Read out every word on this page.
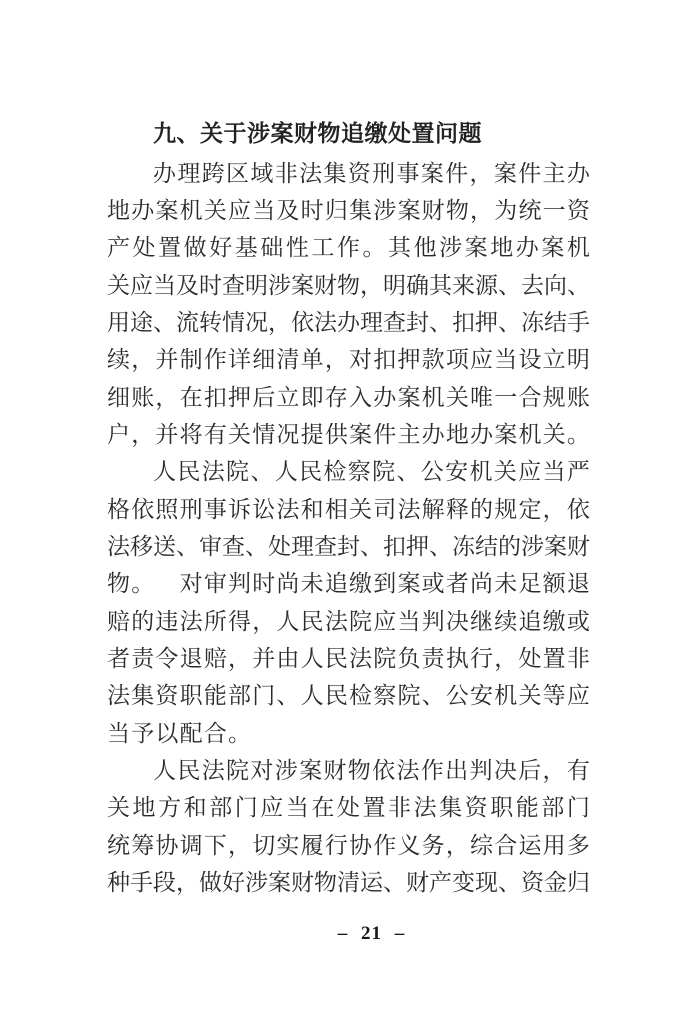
九、关于涉案财物追缴处置问题
办 理 跨 区 域 非 法 集 资 刑 事 案 件 ， 案 件 主 办
地 办 案 机 关 应 当 及 时 归 集 涉 案 财 物 ， 为 统 一 资
产 处 置 做 好 基 础 性 工 作 。 其 他 涉 案 地 办 案 机
关 应 当 及 时 查 明 涉 案 财 物 ， 明 确 其 来 源 、 去 向 、
用 途 、 流 转 情 况 ， 依 法 办 理 查 封 、 扣 押 、 冻 结 手
续 ， 并 制 作 详 细 清 单 ， 对 扣 押 款 项 应 当 设 立 明
细 账 ， 在 扣 押 后 立 即 存 入 办 案 机 关 唯 一 合 规 账
户 ， 并 将 有 关 情 况 提 供 案 件 主 办 地 办 案 机 关 。
人 民 法 院 、 人 民 检 察 院 、 公 安 机 关 应 当 严
格 依 照 刑 事 诉 讼 法 和 相 关 司 法 解 释 的 规 定 ， 依
法 移 送 、 审 查 、 处 理 查 封 、 扣 押 、 冻 结 的 涉 案 财
物 。
　 对 审 判 时 尚 未 追 缴 到 案 或 者 尚 未 足 额 退
赔 的 违 法 所 得 ， 人 民 法 院 应 当 判 决 继 续 追 缴 或
者 责 令 退 赔 ， 并 由 人 民 法 院 负 责 执 行 ， 处 置 非
法 集 资 职 能 部 门 、 人 民 检 察 院 、 公 安 机 关 等 应
当 予 以 配 合 。
人 民 法 院 对 涉 案 财 物 依 法 作 出 判 决 后 ， 有
关 地 方 和 部 门 应 当 在 处 置 非 法 集 资 职 能 部 门
统 筹 协 调 下 ， 切 实 履 行 协 作 义 务 ， 综 合 运 用 多
种 手 段 ， 做 好 涉 案 财 物 清 运 、 财 产 变 现 、 资 金 归
– 21 –
